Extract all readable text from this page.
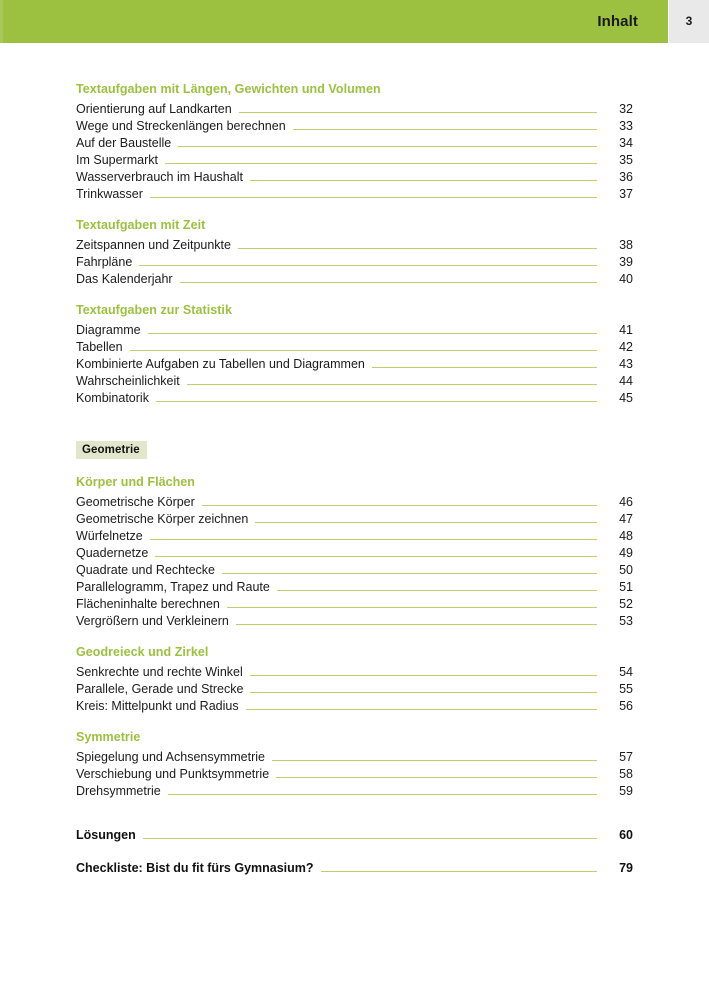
Inhalt	3
Textaufgaben mit Längen, Gewichten und Volumen
Orientierung auf Landkarten	32
Wege und Streckenlängen berechnen	33
Auf der Baustelle	34
Im Supermarkt	35
Wasserverbrauch im Haushalt	36
Trinkwasser	37
Textaufgaben mit Zeit
Zeitspannen und Zeitpunkte	38
Fahrpläne	39
Das Kalenderjahr	40
Textaufgaben zur Statistik
Diagramme	41
Tabellen	42
Kombinierte Aufgaben zu Tabellen und Diagrammen	43
Wahrscheinlichkeit	44
Kombinatorik	45
Geometrie
Körper und Flächen
Geometrische Körper	46
Geometrische Körper zeichnen	47
Würfelnetze	48
Quadernetze	49
Quadrate und Rechtecke	50
Parallelogramm, Trapez und Raute	51
Flächeninhalte berechnen	52
Vergrößern und Verkleinern	53
Geodreieck und Zirkel
Senkrechte und rechte Winkel	54
Parallele, Gerade und Strecke	55
Kreis: Mittelpunkt und Radius	56
Symmetrie
Spiegelung und Achsensymmetrie	57
Verschiebung und Punktsymmetrie	58
Drehsymmetrie	59
Lösungen	60
Checkliste: Bist du fit fürs Gymnasium?	79
